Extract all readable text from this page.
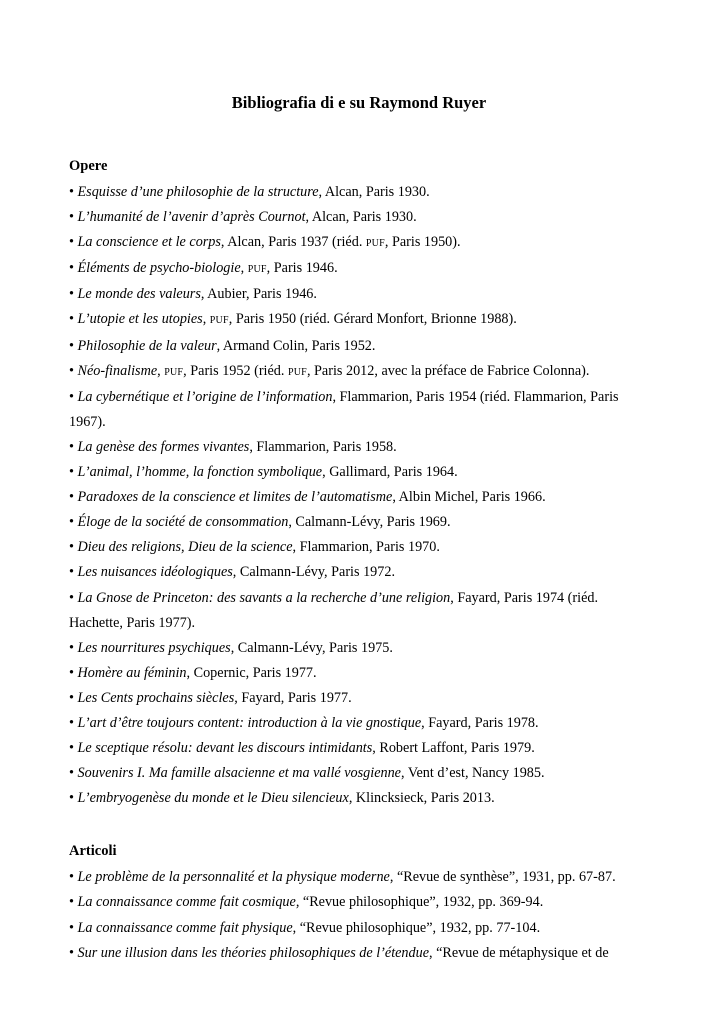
Bibliografia di e su Raymond Ruyer
Opere
• Esquisse d’une philosophie de la structure, Alcan, Paris 1930.
• L’humanité de l’avenir d’après Cournot, Alcan, Paris 1930.
• La conscience et le corps, Alcan, Paris 1937 (riéd. PUF, Paris 1950).
• Éléments de psycho-biologie, PUF, Paris 1946.
• Le monde des valeurs, Aubier, Paris 1946.
• L’utopie et les utopies, PUF, Paris 1950 (riéd. Gérard Monfort, Brionne 1988).
• Philosophie de la valeur, Armand Colin, Paris 1952.
• Néo-finalisme, PUF, Paris 1952 (riéd. PUF, Paris 2012, avec la préface de Fabrice Colonna).
• La cybernétique et l’origine de l’information, Flammarion, Paris 1954 (riéd. Flammarion, Paris 1967).
• La genèse des formes vivantes, Flammarion, Paris 1958.
• L’animal, l’homme, la fonction symbolique, Gallimard, Paris 1964.
• Paradoxes de la conscience et limites de l’automatisme, Albin Michel, Paris 1966.
• Éloge de la société de consommation, Calmann-Lévy, Paris 1969.
• Dieu des religions, Dieu de la science, Flammarion, Paris 1970.
• Les nuisances idéologiques, Calmann-Lévy, Paris 1972.
• La Gnose de Princeton: des savants a la recherche d’une religion, Fayard, Paris 1974 (riéd. Hachette, Paris 1977).
• Les nourritures psychiques, Calmann-Lévy, Paris 1975.
• Homère au féminin, Copernic, Paris 1977.
• Les Cents prochains siècles, Fayard, Paris 1977.
• L’art d’être toujours content: introduction à la vie gnostique, Fayard, Paris 1978.
• Le sceptique résolu: devant les discours intimidants, Robert Laffont, Paris 1979.
• Souvenirs I. Ma famille alsacienne et ma vallé vosgienne, Vent d’est, Nancy 1985.
• L’embryogenèse du monde et le Dieu silencieux, Klincksieck, Paris 2013.
Articoli
• Le problème de la personnalité et la physique moderne, “Revue de synthèse”, 1931, pp. 67-87.
• La connaissance comme fait cosmique, “Revue philosophique”, 1932, pp. 369-94.
• La connaissance comme fait physique, “Revue philosophique”, 1932, pp. 77-104.
• Sur une illusion dans les théories philosophiques de l’étendue, “Revue de métaphysique et de
